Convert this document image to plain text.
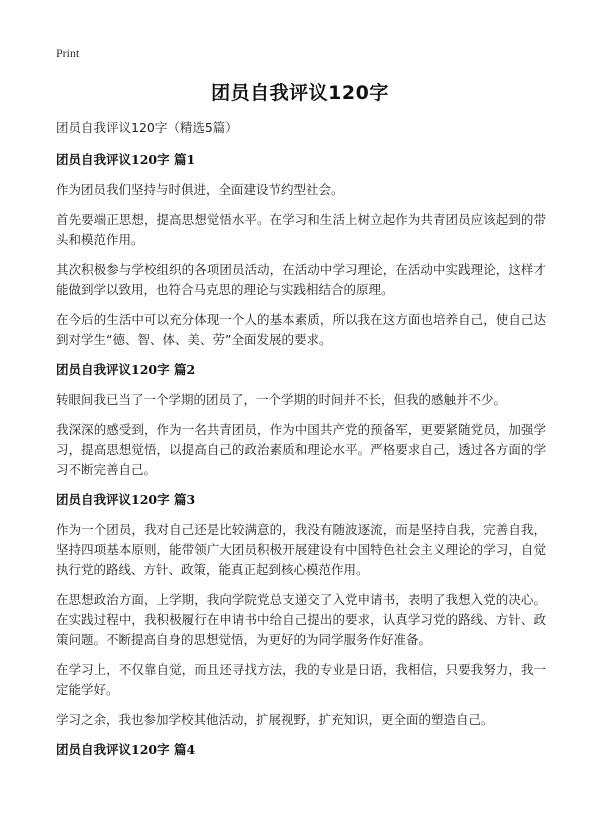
Print
团员自我评议120字

团员自我评议120字（精选5篇）

团员自我评议120字 篇1

作为团员我们坚持与时俱进，全面建设节约型社会。

首先要端正思想，提高思想觉悟水平。在学习和生活上树立起作为共青团员应该起到的带头和模范作用。

其次积极参与学校组织的各项团员活动，在活动中学习理论，在活动中实践理论，这样才能做到学以致用，也符合马克思的理论与实践相结合的原理。

在今后的生活中可以充分体现一个人的基本素质，所以我在这方面也培养自己，使自己达到对学生“德、智、体、美、劳”全面发展的要求。

团员自我评议120字 篇2

转眼间我已当了一个学期的团员了，一个学期的时间并不长，但我的感触并不少。

我深深的感受到，作为一名共青团员，作为中国共产党的预备军，更要紧随党员，加强学习，提高思想觉悟，以提高自己的政治素质和理论水平。严格要求自己，透过各方面的学习不断完善自己。

团员自我评议120字 篇3

作为一个团员，我对自己还是比较满意的，我没有随波逐流，而是坚持自我，完善自我，坚持四项基本原则，能带领广大团员积极开展建设有中国特色社会主义理论的学习，自觉执行党的路线、方针、政策，能真正起到核心模范作用。

在思想政治方面，上学期，我向学院党总支递交了入党申请书，表明了我想入党的决心。在实践过程中，我积极履行在申请书中给自己提出的要求，认真学习党的路线、方针、政策问题。不断提高自身的思想觉悟，为更好的为同学服务作好准备。

在学习上，不仅靠自觉，而且还寻找方法，我的专业是日语，我相信，只要我努力，我一定能学好。

学习之余，我也参加学校其他活动，扩展视野，扩充知识，更全面的塑造自己。

团员自我评议120字 篇4
